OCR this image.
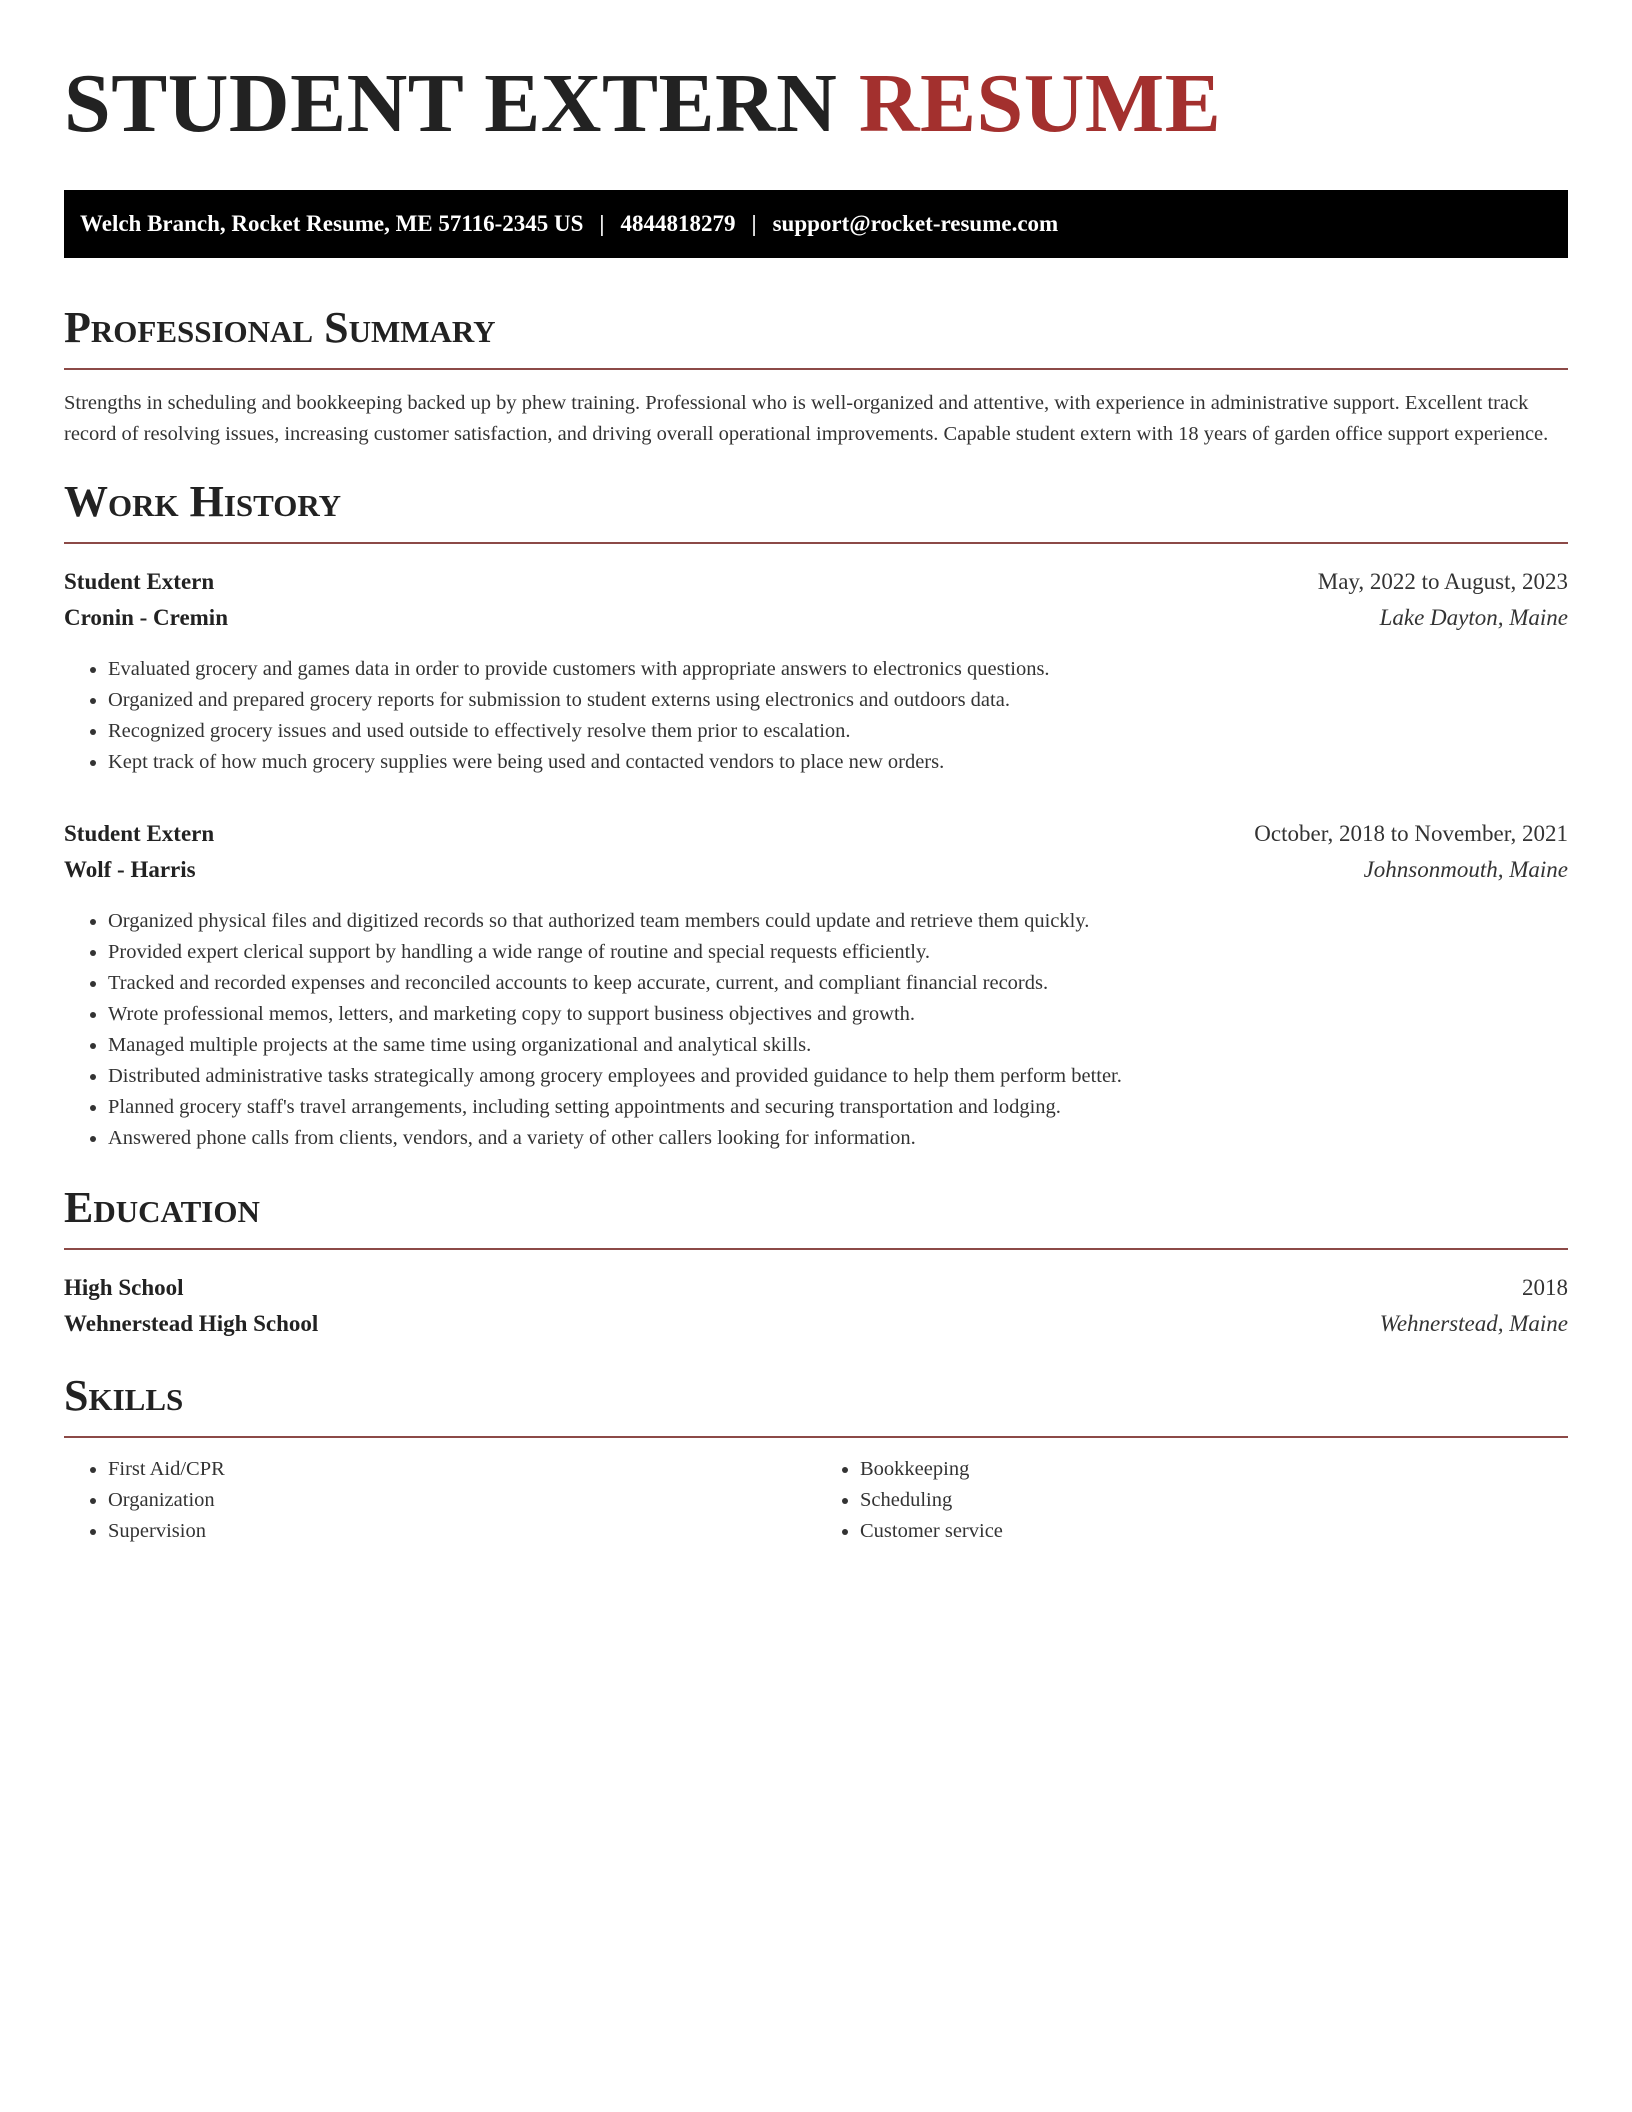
STUDENT EXTERN RESUME
Welch Branch, Rocket Resume, ME 57116-2345 US | 4844818279 | support@rocket-resume.com
Professional Summary

Strengths in scheduling and bookkeeping backed up by phew training. Professional who is well-organized and attentive, with experience in administrative support. Excellent track record of resolving issues, increasing customer satisfaction, and driving overall operational improvements. Capable student extern with 18 years of garden office support experience.

Work History
Student Extern	May, 2022 to August, 2023
Cronin - Cremin	Lake Dayton, Maine
• Evaluated grocery and games data in order to provide customers with appropriate answers to electronics questions.
• Organized and prepared grocery reports for submission to student externs using electronics and outdoors data.
• Recognized grocery issues and used outside to effectively resolve them prior to escalation.
• Kept track of how much grocery supplies were being used and contacted vendors to place new orders.
Student Extern	October, 2018 to November, 2021
Wolf - Harris	Johnsonmouth, Maine
• Organized physical files and digitized records so that authorized team members could update and retrieve them quickly.
• Provided expert clerical support by handling a wide range of routine and special requests efficiently.
• Tracked and recorded expenses and reconciled accounts to keep accurate, current, and compliant financial records.
• Wrote professional memos, letters, and marketing copy to support business objectives and growth.
• Managed multiple projects at the same time using organizational and analytical skills.
• Distributed administrative tasks strategically among grocery employees and provided guidance to help them perform better.
• Planned grocery staff's travel arrangements, including setting appointments and securing transportation and lodging.
• Answered phone calls from clients, vendors, and a variety of other callers looking for information.
Education
High School	2018
Wehnerstead High School	Wehnerstead, Maine
Skills
• First Aid/CPR
• Organization
• Supervision
• Bookkeeping
• Scheduling
• Customer service
